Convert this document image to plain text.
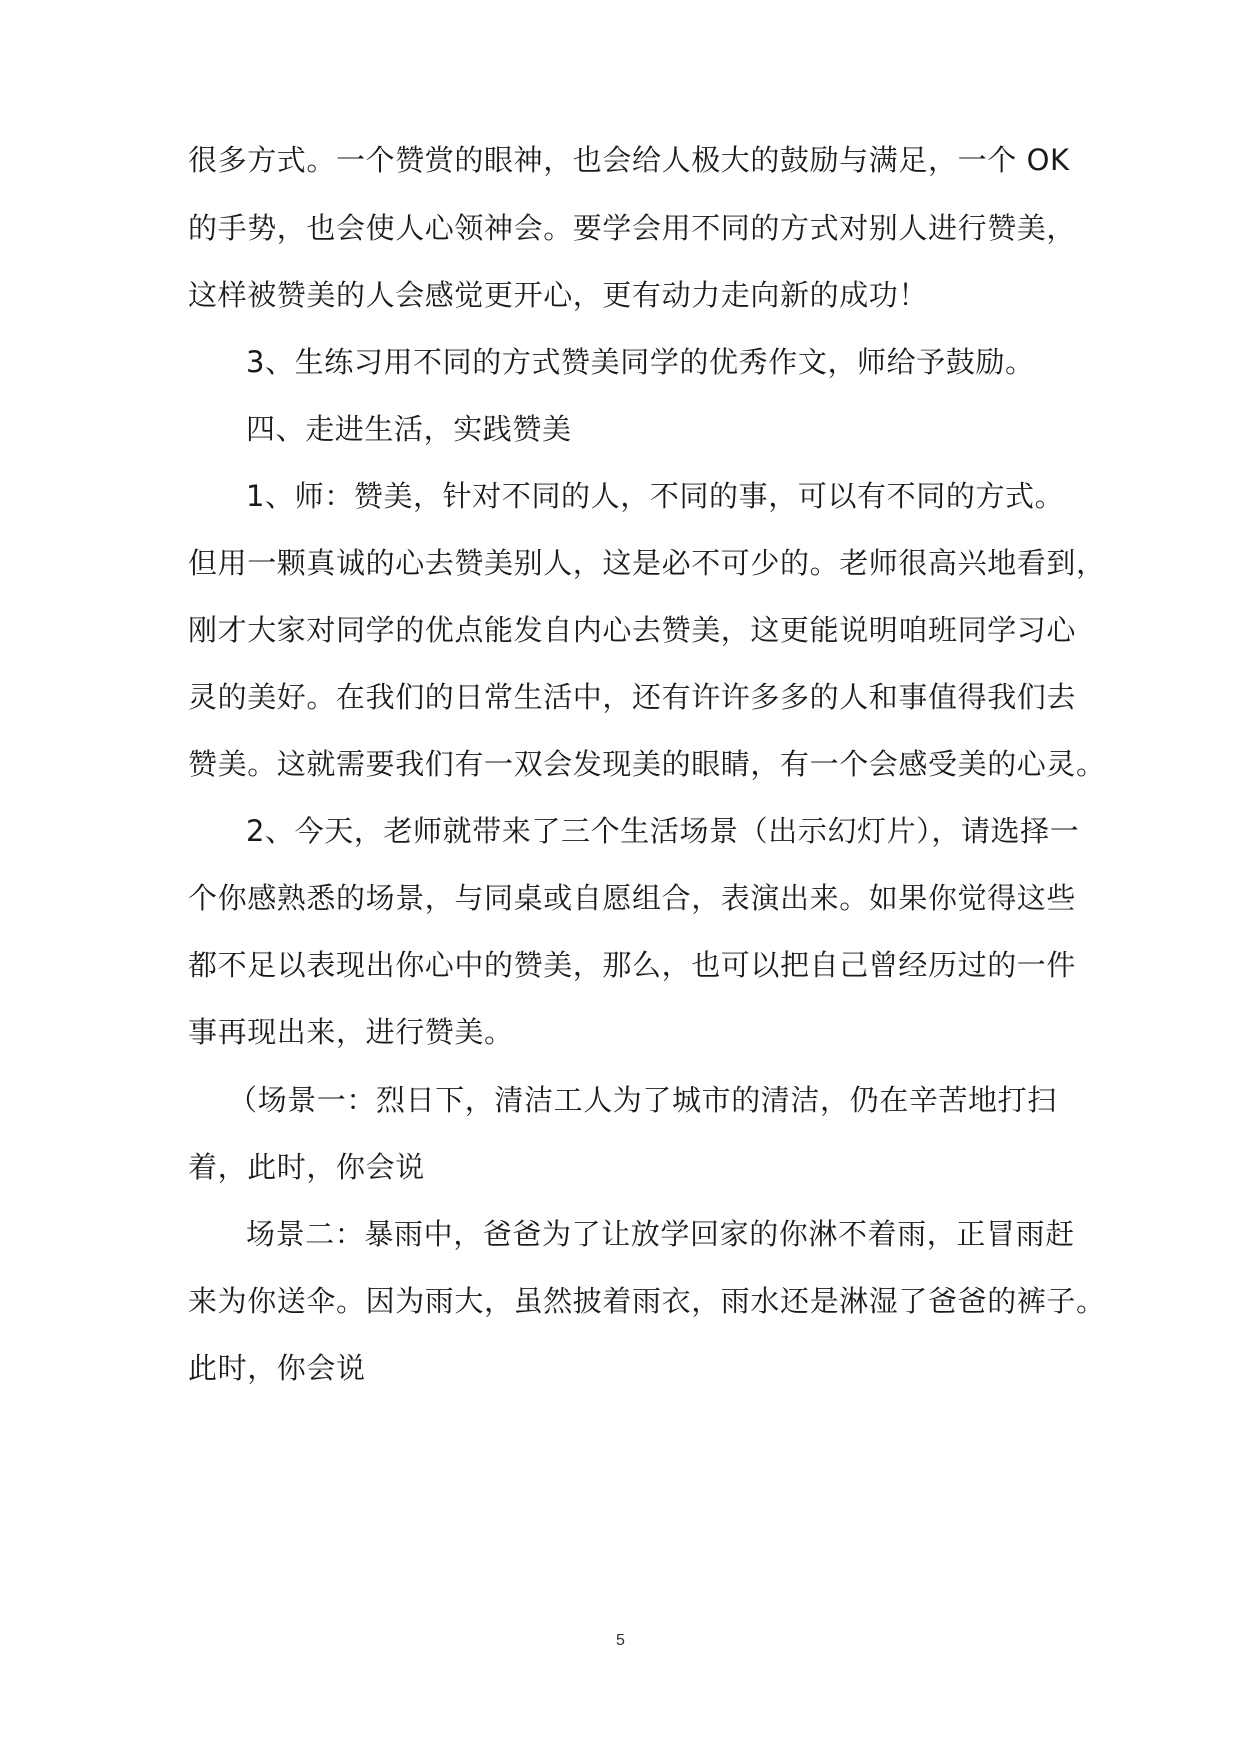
很多方式。一个赞赏的眼神，也会给人极大的鼓励与满足，一个 OK
的手势，也会使人心领神会。要学会用不同的方式对别人进行赞美，
这样被赞美的人会感觉更开心，更有动力走向新的成功！
3、生练习用不同的方式赞美同学的优秀作文，师给予鼓励。
四、走进生活，实践赞美
1、师：赞美，针对不同的人，不同的事，可以有不同的方式。
但用一颗真诚的心去赞美别人，这是必不可少的。老师很高兴地看到，
刚才大家对同学的优点能发自内心去赞美，这更能说明咱班同学习心
灵的美好。在我们的日常生活中，还有许许多多的人和事值得我们去
赞美。这就需要我们有一双会发现美的眼睛，有一个会感受美的心灵。
2、今天，老师就带来了三个生活场景（出示幻灯片），请选择一
个你感熟悉的场景，与同桌或自愿组合，表演出来。如果你觉得这些
都不足以表现出你心中的赞美，那么，也可以把自己曾经历过的一件
事再现出来，进行赞美。
（场景一：烈日下，清洁工人为了城市的清洁，仍在辛苦地打扫
着，此时，你会说
场景二：暴雨中，爸爸为了让放学回家的你淋不着雨，正冒雨赶
来为你送伞。因为雨大，虽然披着雨衣，雨水还是淋湿了爸爸的裤子。
此时，你会说
5
